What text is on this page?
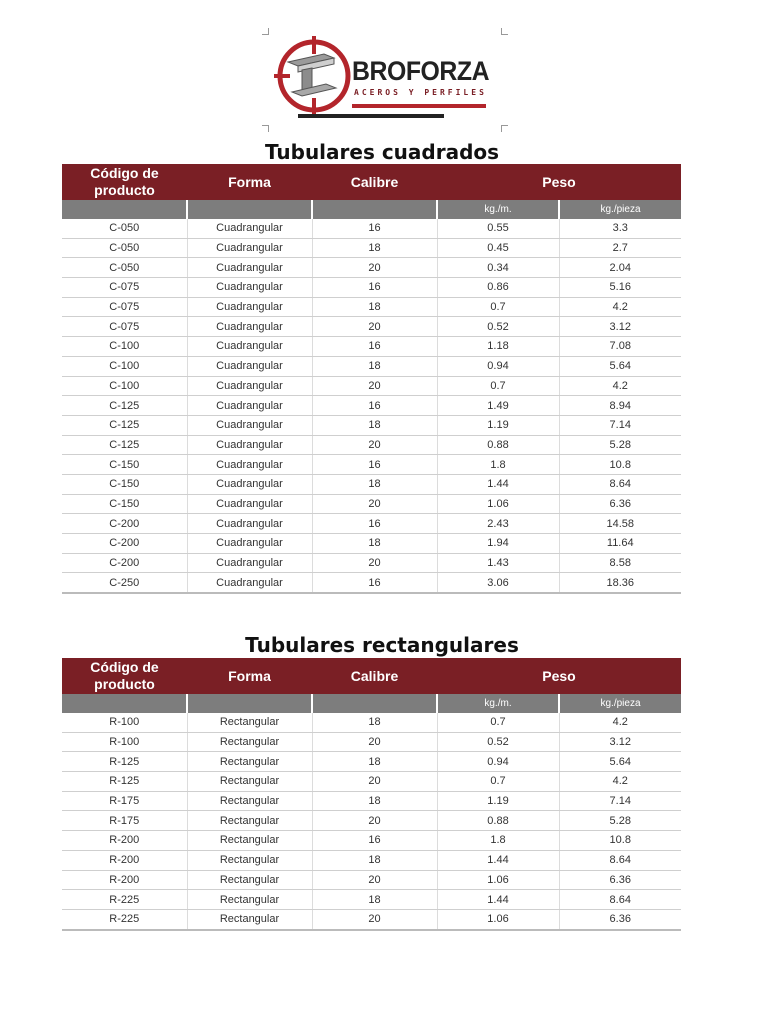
BROFORZA
ACEROS Y PERFILES
Tubulares cuadrados
Código de producto	Forma	Calibre	Peso	
			kg./m.	kg./pieza
C-050	Cuadrangular	16	0.55	3.3
C-050	Cuadrangular	18	0.45	2.7
C-050	Cuadrangular	20	0.34	2.04
C-075	Cuadrangular	16	0.86	5.16
C-075	Cuadrangular	18	0.7	4.2
C-075	Cuadrangular	20	0.52	3.12
C-100	Cuadrangular	16	1.18	7.08
C-100	Cuadrangular	18	0.94	5.64
C-100	Cuadrangular	20	0.7	4.2
C-125	Cuadrangular	16	1.49	8.94
C-125	Cuadrangular	18	1.19	7.14
C-125	Cuadrangular	20	0.88	5.28
C-150	Cuadrangular	16	1.8	10.8
C-150	Cuadrangular	18	1.44	8.64
C-150	Cuadrangular	20	1.06	6.36
C-200	Cuadrangular	16	2.43	14.58
C-200	Cuadrangular	18	1.94	11.64
C-200	Cuadrangular	20	1.43	8.58
C-250	Cuadrangular	16	3.06	18.36
Tubulares rectangulares
Código de producto	Forma	Calibre	Peso	
			kg./m.	kg./pieza
R-100	Rectangular	18	0.7	4.2
R-100	Rectangular	20	0.52	3.12
R-125	Rectangular	18	0.94	5.64
R-125	Rectangular	20	0.7	4.2
R-175	Rectangular	18	1.19	7.14
R-175	Rectangular	20	0.88	5.28
R-200	Rectangular	16	1.8	10.8
R-200	Rectangular	18	1.44	8.64
R-200	Rectangular	20	1.06	6.36
R-225	Rectangular	18	1.44	8.64
R-225	Rectangular	20	1.06	6.36
